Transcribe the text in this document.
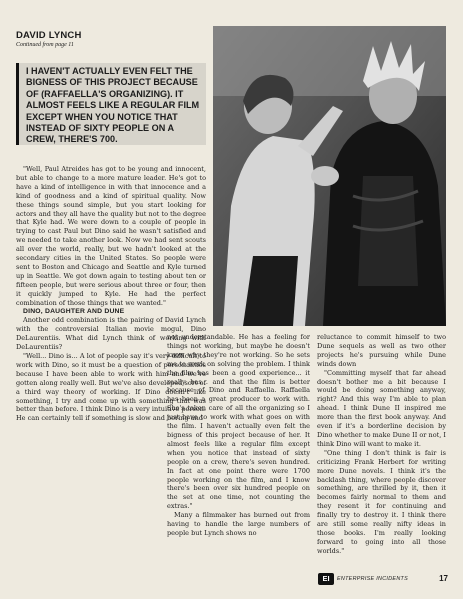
DAVID LYNCH
Continued from page 11
I HAVEN'T ACTUALLY EVEN FELT THE BIGNESS OF THIS PROJECT BECAUSE OF (RAFFAELLA'S ORGANIZING). IT ALMOST FEELS LIKE A REGULAR FILM EXCEPT WHEN YOU NOTICE THAT INSTEAD OF SIXTY PEOPLE ON A CREW, THERE'S 700.

"Well, Paul Atreides has got to be young and innocent, but able to change to a more mature leader. He's got to have a kind of intelligence in with that innocence and a kind of goodness and a kind of spiritual quality. Now these things sound simple, but you start looking for actors and they all have the quality but not to the degree that Kyle had. We were down to a couple of people in trying to cast Paul but Dino said he wasn't satisfied and we needed to take another look. Now we had sent scouts all over the world, really, but we hadn't looked at the secondary cities in the United States. So people were sent to Boston and Chicago and Seattle and Kyle turned up in Seattle. We got down again to testing about ten or fifteen people, but were serious about three or four, then it quickly jumped to Kyle. He had the perfect combination of those things that we wanted."

DINO, DAUGHTER AND DUNE

Another odd combination is the pairing of David Lynch with the controversial Italian movie mogul, Dino DeLaurentiis. What did Lynch think of working with DeLaurentiis?

"Well... Dino is... A lot of people say it's very difficult to work with Dino, so it must be a question of personalities because I have been able to work with him and we've gotten along really well. But we've also developed sort of a third way theory of working. If Dino doesn't like something, I try and come up with something that was better than before. I think Dino is a very intuitive person. He can certainly tell if something is slow and boring and

not understandable. He has a feeling for things not working, but maybe he doesn't know why they're not working. So he sets me to work on solving the problem. I think the film has been a good experience... it really has... and that the film is better because of Dino and Raffaella. Raffaella has been a great producer to work with. She's taken care of all the organizing so I just have to work with what goes on with the film. I haven't actually even felt the bigness of this project because of her. It almost feels like a regular film except when you notice that instead of sixty people on a crew, there's seven hundred. In fact at one point there were 1700 people working on the film, and I know there's been over six hundred people on the set at one time, not counting the extras."

Many a filmmaker has burned out from having to handle the large numbers of people but Lynch shows no

reluctance to commit himself to two Dune sequels as well as two other projects he's pursuing while Dune winds down

"Committing myself that far ahead doesn't bother me a bit because I would be doing something anyway, right? And this way I'm able to plan ahead. I think Dune II inspired me more than the first book anyway. And even if it's a borderline decision by Dino whether to make Dune II or not, I think Dino will want to make it.

"One thing I don't think is fair is criticizing Frank Herbert for writing more Dune novels. I think it's the backlash thing, where people discover something, are thrilled by it, then it becomes fairly normal to them and they resent it for continuing and finally try to destroy it. I think there are still some really nifty ideas in those books. I'm really looking forward to going into all those worlds."

EI	ENTERPRISE INCIDENTS	17
